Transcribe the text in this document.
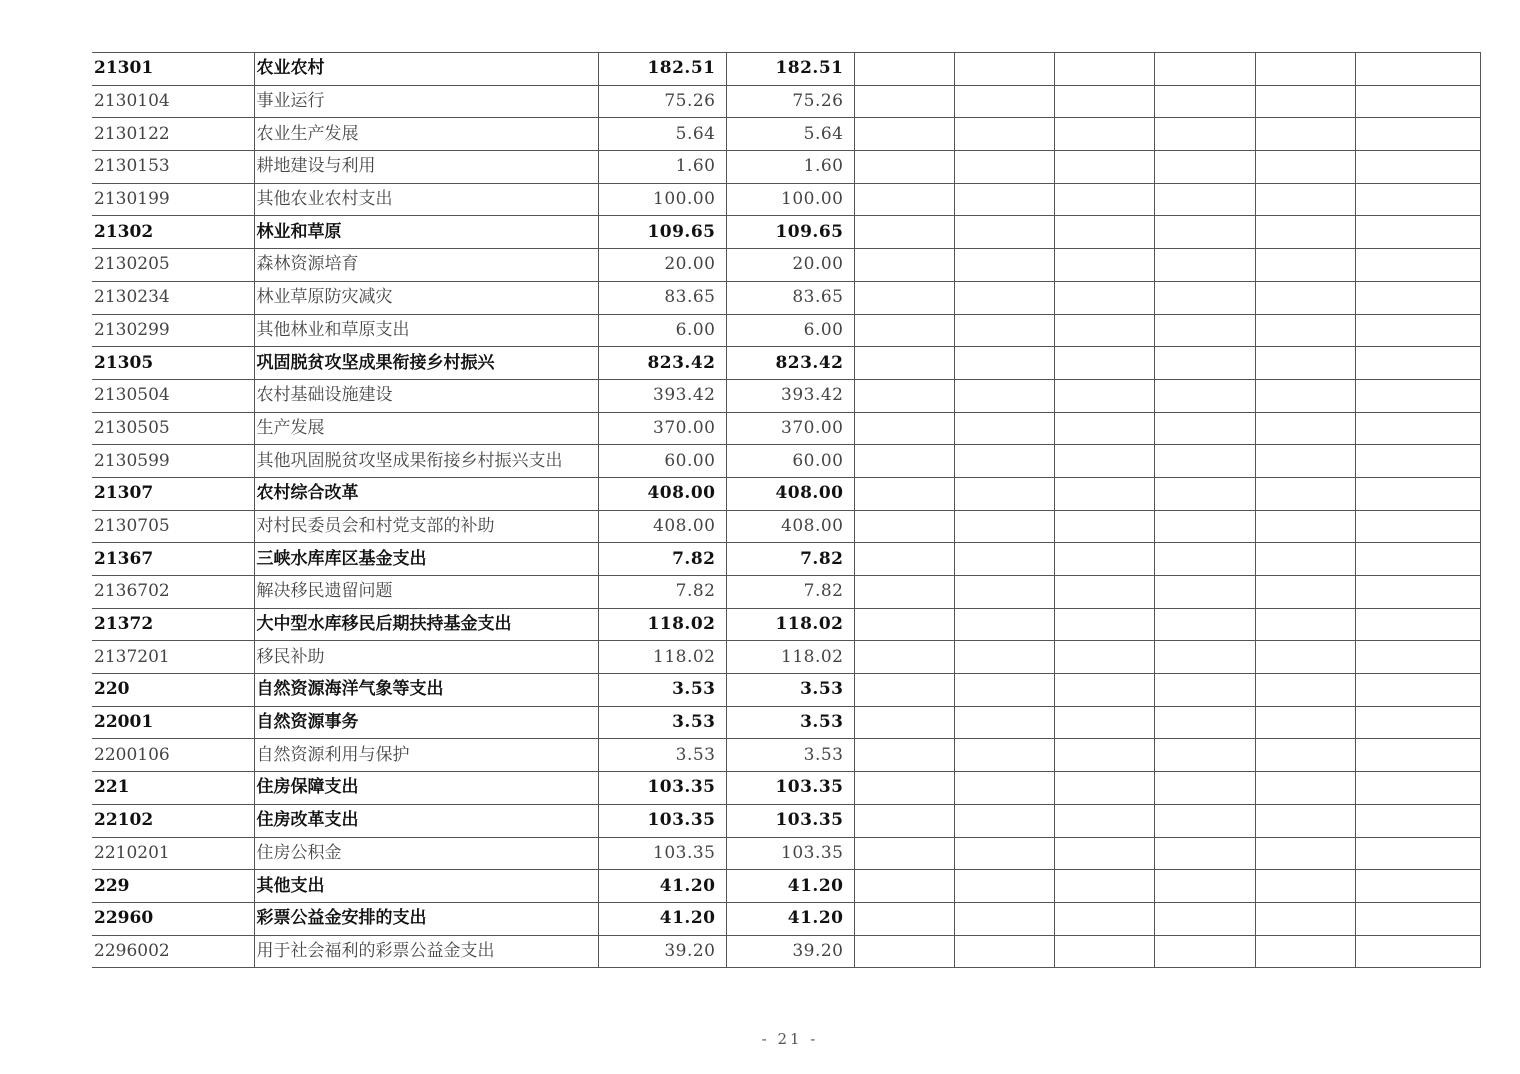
21301	农业农村	182.51	182.51						
2130104	事业运行	75.26	75.26						
2130122	农业生产发展	5.64	5.64						
2130153	耕地建设与利用	1.60	1.60						
2130199	其他农业农村支出	100.00	100.00						
21302	林业和草原	109.65	109.65						
2130205	森林资源培育	20.00	20.00						
2130234	林业草原防灾减灾	83.65	83.65						
2130299	其他林业和草原支出	6.00	6.00						
21305	巩固脱贫攻坚成果衔接乡村振兴	823.42	823.42						
2130504	农村基础设施建设	393.42	393.42						
2130505	生产发展	370.00	370.00						
2130599	其他巩固脱贫攻坚成果衔接乡村振兴支出	60.00	60.00						
21307	农村综合改革	408.00	408.00						
2130705	对村民委员会和村党支部的补助	408.00	408.00						
21367	三峡水库库区基金支出	7.82	7.82						
2136702	解决移民遗留问题	7.82	7.82						
21372	大中型水库移民后期扶持基金支出	118.02	118.02						
2137201	移民补助	118.02	118.02						
220	自然资源海洋气象等支出	3.53	3.53						
22001	自然资源事务	3.53	3.53						
2200106	自然资源利用与保护	3.53	3.53						
221	住房保障支出	103.35	103.35						
22102	住房改革支出	103.35	103.35						
2210201	住房公积金	103.35	103.35						
229	其他支出	41.20	41.20						
22960	彩票公益金安排的支出	41.20	41.20						
2296002	用于社会福利的彩票公益金支出	39.20	39.20						
- 21 -
